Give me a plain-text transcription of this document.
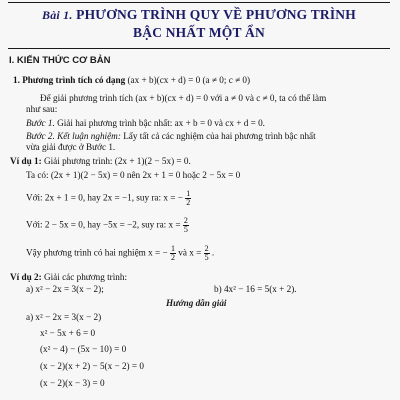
Bài 1. PHƯƠNG TRÌNH QUY VỀ PHƯƠNG TRÌNH
BẬC NHẤT MỘT ẨN
I. KIẾN THỨC CƠ BẢN
1. Phương trình tích có dạng (ax + b)(cx + d) = 0 (a ≠ 0; c ≠ 0)
Để giải phương trình tích (ax + b)(cx + d) = 0 với a ≠ 0 và c ≠ 0, ta có thể làm
như sau:
Bước 1. Giải hai phương trình bậc nhất: ax + b = 0 và cx + d = 0.
Bước 2. Kết luận nghiệm: Lấy tất cả các nghiệm của hai phương trình bậc nhất
vừa giải được ở Bước 1.
Ví dụ 1: Giải phương trình: (2x + 1)(2 − 5x) = 0.
Ta có: (2x + 1)(2 − 5x) = 0 nên 2x + 1 = 0 hoặc 2 − 5x = 0
Với: 2x + 1 = 0, hay 2x = −1, suy ra: x = − $\frac{1}{2}$
Với: 2 − 5x = 0, hay −5x = −2, suy ra: $x = \frac{2}{5}$
Vậy phương trình có hai nghiệm x = − $\frac{1}{2}$ và $x = \frac{2}{5}$ .
Ví dụ 2: Giải các phương trình:
a) x² − 2x = 3(x − 2);	b) 4x² − 16 = 5(x + 2).
Hướng dẫn giải
a) x² − 2x = 3(x − 2)
x² − 5x + 6 = 0
(x² − 4) − (5x − 10) = 0
(x − 2)(x + 2) − 5(x − 2) = 0
(x − 2)(x − 3) = 0
